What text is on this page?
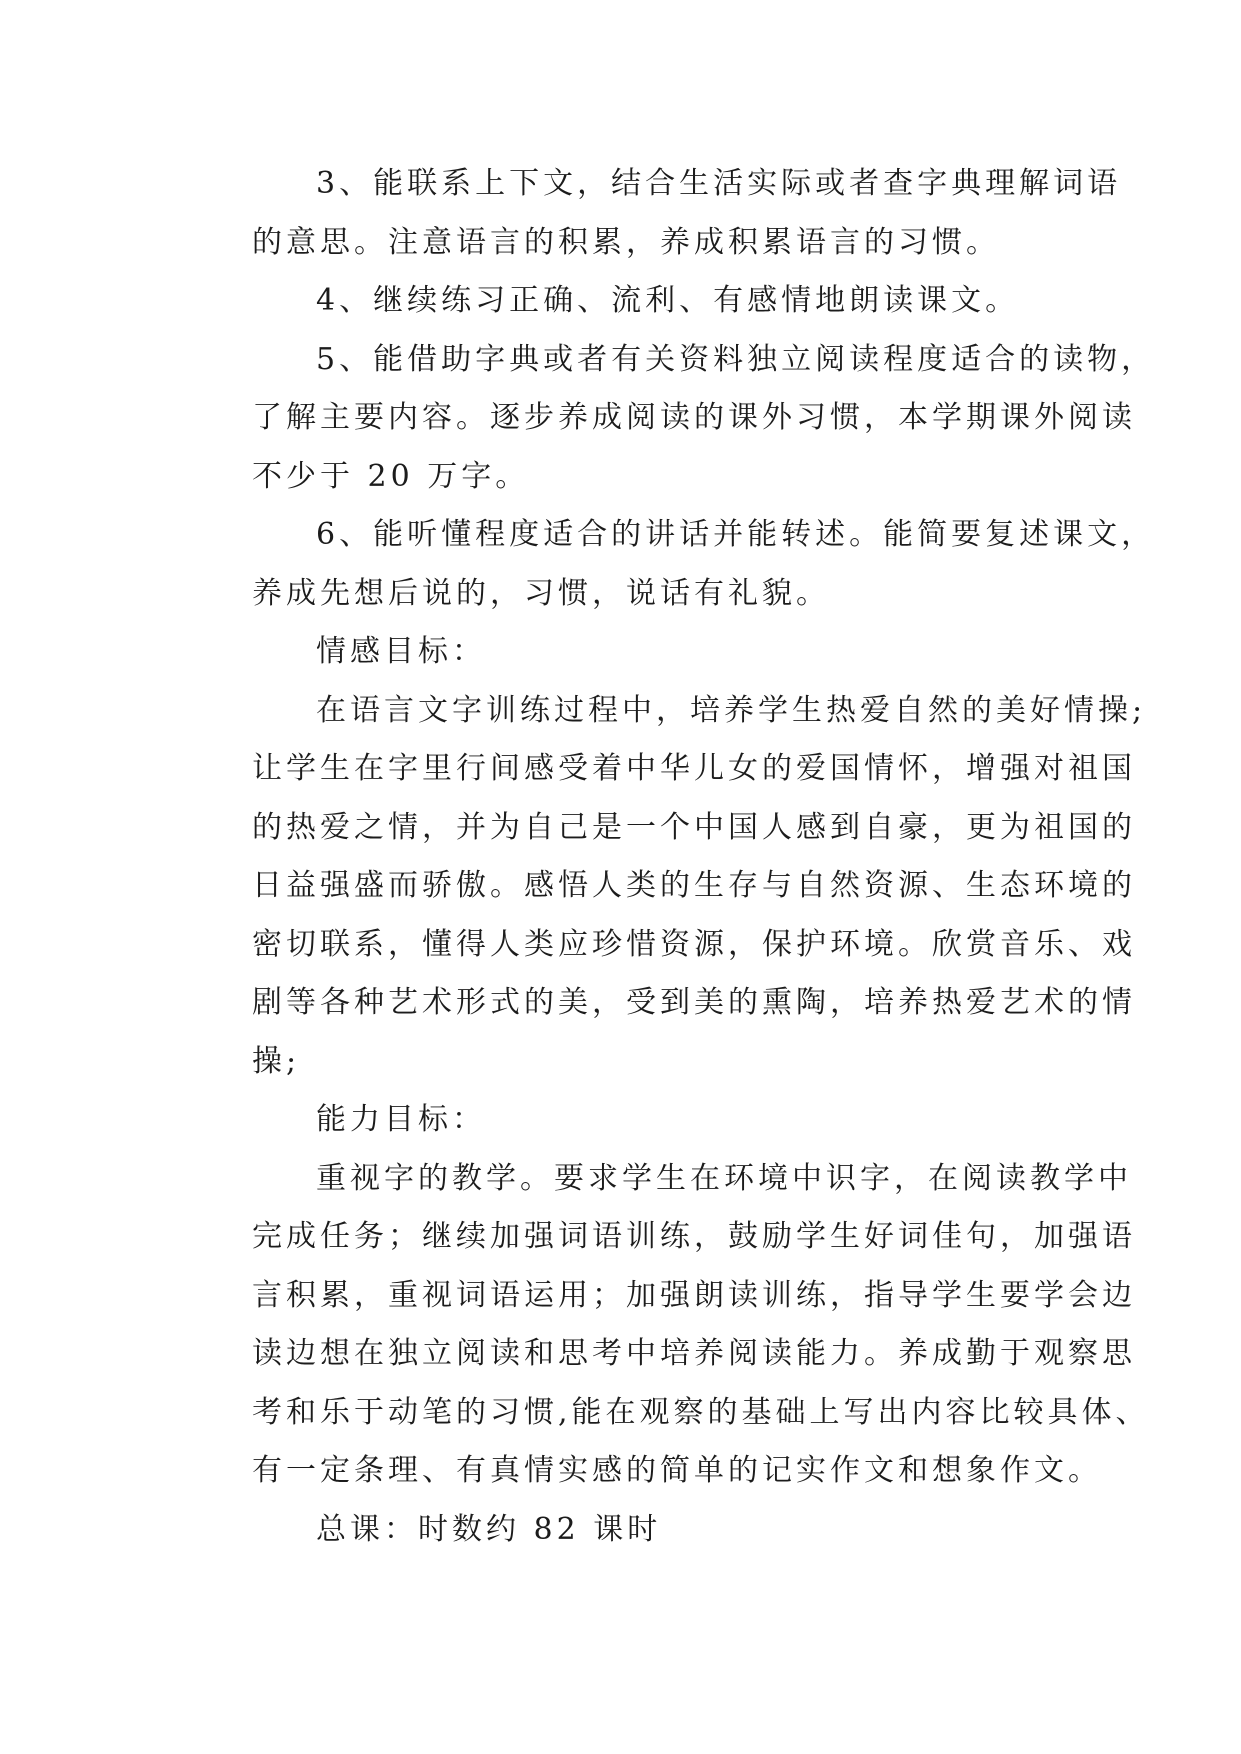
3、能联系上下文，结合生活实际或者查字典理解词语
的意思。注意语言的积累，养成积累语言的习惯。
4、继续练习正确、流利、有感情地朗读课文。
5、能借助字典或者有关资料独立阅读程度适合的读物，
了解主要内容。逐步养成阅读的课外习惯，本学期课外阅读
不少于 20 万字。
6、能听懂程度适合的讲话并能转述。能简要复述课文，
养成先想后说的，习惯，说话有礼貌。
情感目标：
在语言文字训练过程中，培养学生热爱自然的美好情操;
让学生在字里行间感受着中华儿女的爱国情怀，增强对祖国
的热爱之情，并为自己是一个中国人感到自豪，更为祖国的
日益强盛而骄傲。感悟人类的生存与自然资源、生态环境的
密切联系，懂得人类应珍惜资源，保护环境。欣赏音乐、戏
剧等各种艺术形式的美，受到美的熏陶，培养热爱艺术的情
操;
能力目标：
重视字的教学。要求学生在环境中识字，在阅读教学中
完成任务；继续加强词语训练，鼓励学生好词佳句，加强语
言积累，重视词语运用；加强朗读训练，指导学生要学会边
读边想在独立阅读和思考中培养阅读能力。养成勤于观察思
考和乐于动笔的习惯,能在观察的基础上写出内容比较具体、
有一定条理、有真情实感的简单的记实作文和想象作文。
总课：时数约 82 课时
